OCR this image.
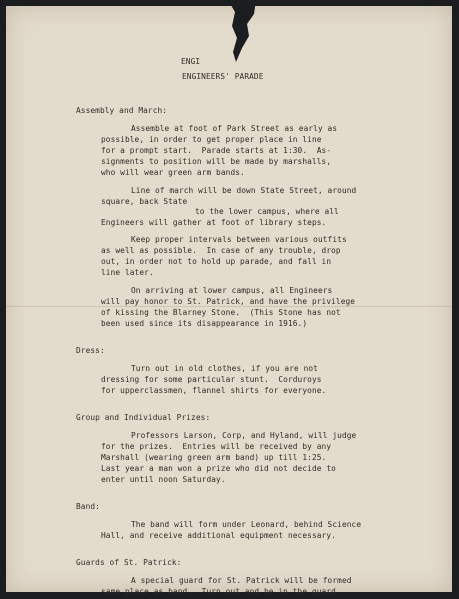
ENGI

ENGINEERS' PARADE

Assembly and March:

Assemble at foot of Park Street as early as

possible, in order to get proper place in line

for a prompt start.  Parade starts at 1:30.  As-

signments to position will be made by marshalls,

who will wear green arm bands.

Line of march will be down State Street, around

square, back State

to the lower campus, where all

Engineers will gather at foot of library steps.

Keep proper intervals between various outfits

as well as possible.  In case of any trouble, drop

out, in order not to hold up parade, and fall in

line later.

On arriving at lower campus, all Engineers

will pay honor to St. Patrick, and have the privilege

of kissing the Blarney Stone.  (This Stone has not

been used since its disappearance in 1916.)

Dress:

Turn out in old clothes, if you are not

dressing for some particular stunt.  Corduroys

for upperclassmen, flannel shirts for everyone.

Group and Individual Prizes:

Professors Larson, Corp, and Hyland, will judge

for the prizes.  Entries will be received by any

Marshall (wearing green arm band) up till 1:25.

Last year a man won a prize who did not decide to

enter until noon Saturday.

Band:

The band will form under Leonard, behind Science

Hall, and receive additional equipment necessary.

Guards of St. Patrick:

A special guard for St. Patrick will be formed

same place as band.  Turn out and be in the guard.
